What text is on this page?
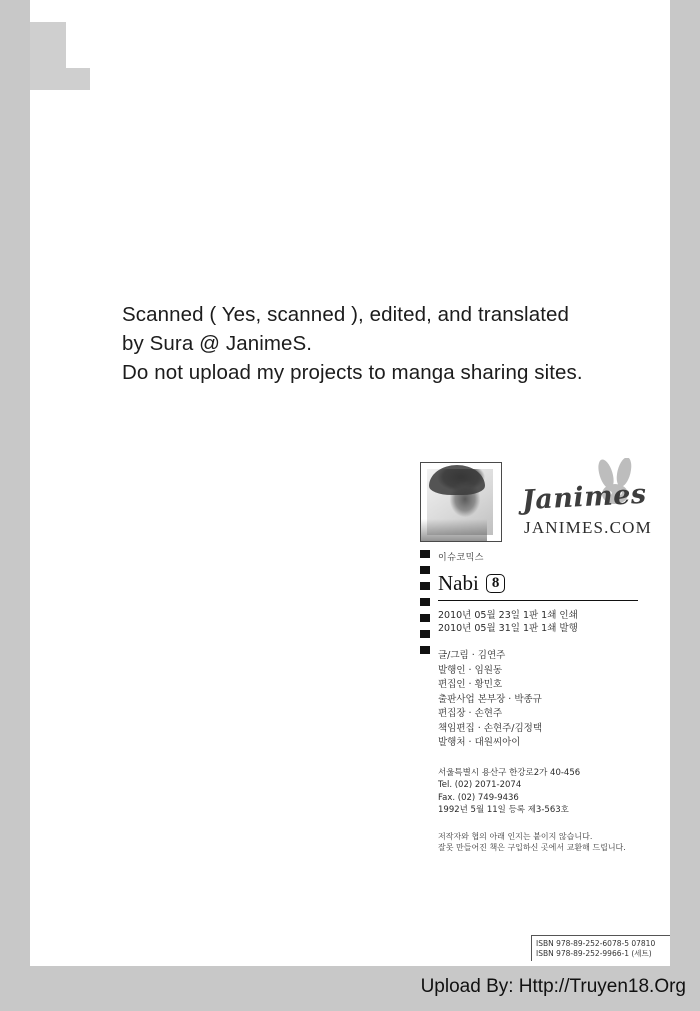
Scanned ( Yes, scanned ), edited, and translated
by Sura @ JanimeS.
Do not upload my projects to manga sharing sites.
Janimes
JANIMES.COM
이슈코믹스
Nabi 8
2010년 05월 23일 1판 1쇄 인쇄
2010년 05월 31일 1판 1쇄 발행
글/그림 · 김연주
발행인 · 임원동
편집인 · 황민호
출판사업 본부장 · 박종규
편집장 · 손현주
책임편집 · 손현주/김정택
발행처 · 대원씨아이
서울특별시 용산구 한강로2가 40-456
Tel. (02) 2071-2074
Fax. (02) 749-9436
1992년 5월 11일 등록 제3-563호
저작자와 협의 아래 인지는 붙이지 않습니다.
잘못 만들어진 책은 구입하신 곳에서 교환해 드립니다.
ISBN 978-89-252-6078-5 07810
ISBN 978-89-252-9966-1 (세트)
Upload By: Http://Truyen18.Org
